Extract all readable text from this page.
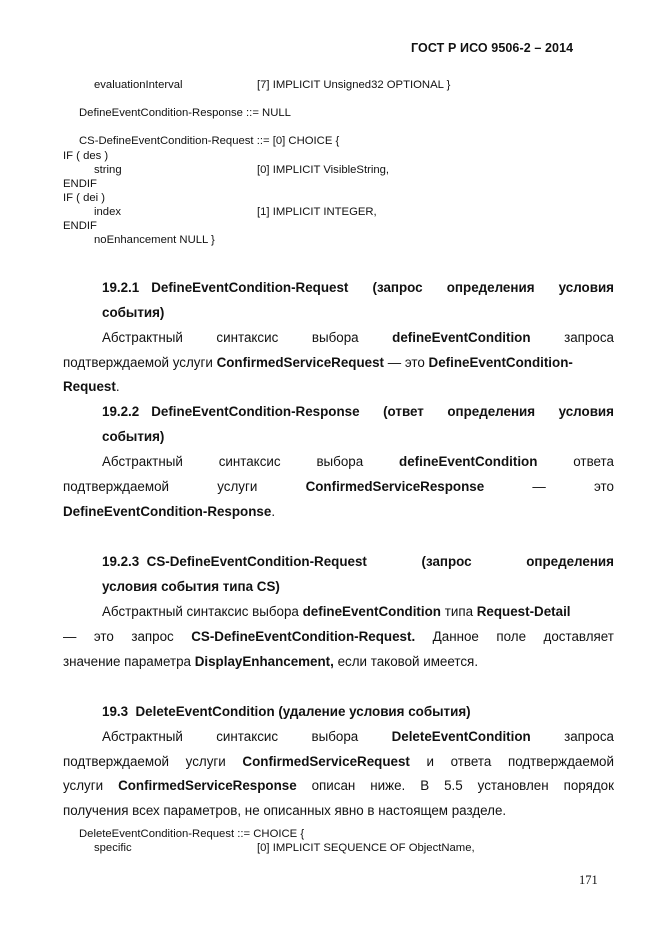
ГОСТ Р ИСО 9506-2 – 2014
evaluationInterval	[7] IMPLICIT Unsigned32 OPTIONAL }
DefineEventCondition-Response ::= NULL
CS-DefineEventCondition-Request ::= [0] CHOICE {
IF ( des )
string	[0] IMPLICIT VisibleString,
ENDIF
IF ( dei )
index	[1] IMPLICIT INTEGER,
ENDIF
noEnhancement NULL }
19.2.1 DefineEventCondition-Request (запрос определения условия
события)
Абстрактный	синтаксис	выбора	defineEventCondition	запроса
подтверждаемой услуги ConfirmedServiceRequest — это DefineEventCondition-
Request.
19.2.2 DefineEventCondition-Response (ответ определения условия
события)
Абстрактный	синтаксис	выбора	defineEventCondition	ответа
подтверждаемой	услуги	ConfirmedServiceResponse	—	это
DefineEventCondition-Response.
19.2.3  CS-DefineEventCondition-Request	(запрос	определения
условия события типа CS)
Абстрактный синтаксис выбора defineEventCondition типа Request-Detail
— это запрос CS-DefineEventCondition-Request. Данное поле доставляет
значение параметра DisplayEnhancement, если таковой имеется.
19.3  DeleteEventCondition (удаление условия события)
Абстрактный синтаксис выбора DeleteEventCondition запроса
подтверждаемой услуги ConfirmedServiceRequest и ответа подтверждаемой
услуги ConfirmedServiceResponse описан ниже. В 5.5 установлен порядок
получения всех параметров, не описанных явно в настоящем разделе.
DeleteEventCondition-Request ::= CHOICE {
specific	[0] IMPLICIT SEQUENCE OF ObjectName,
171
